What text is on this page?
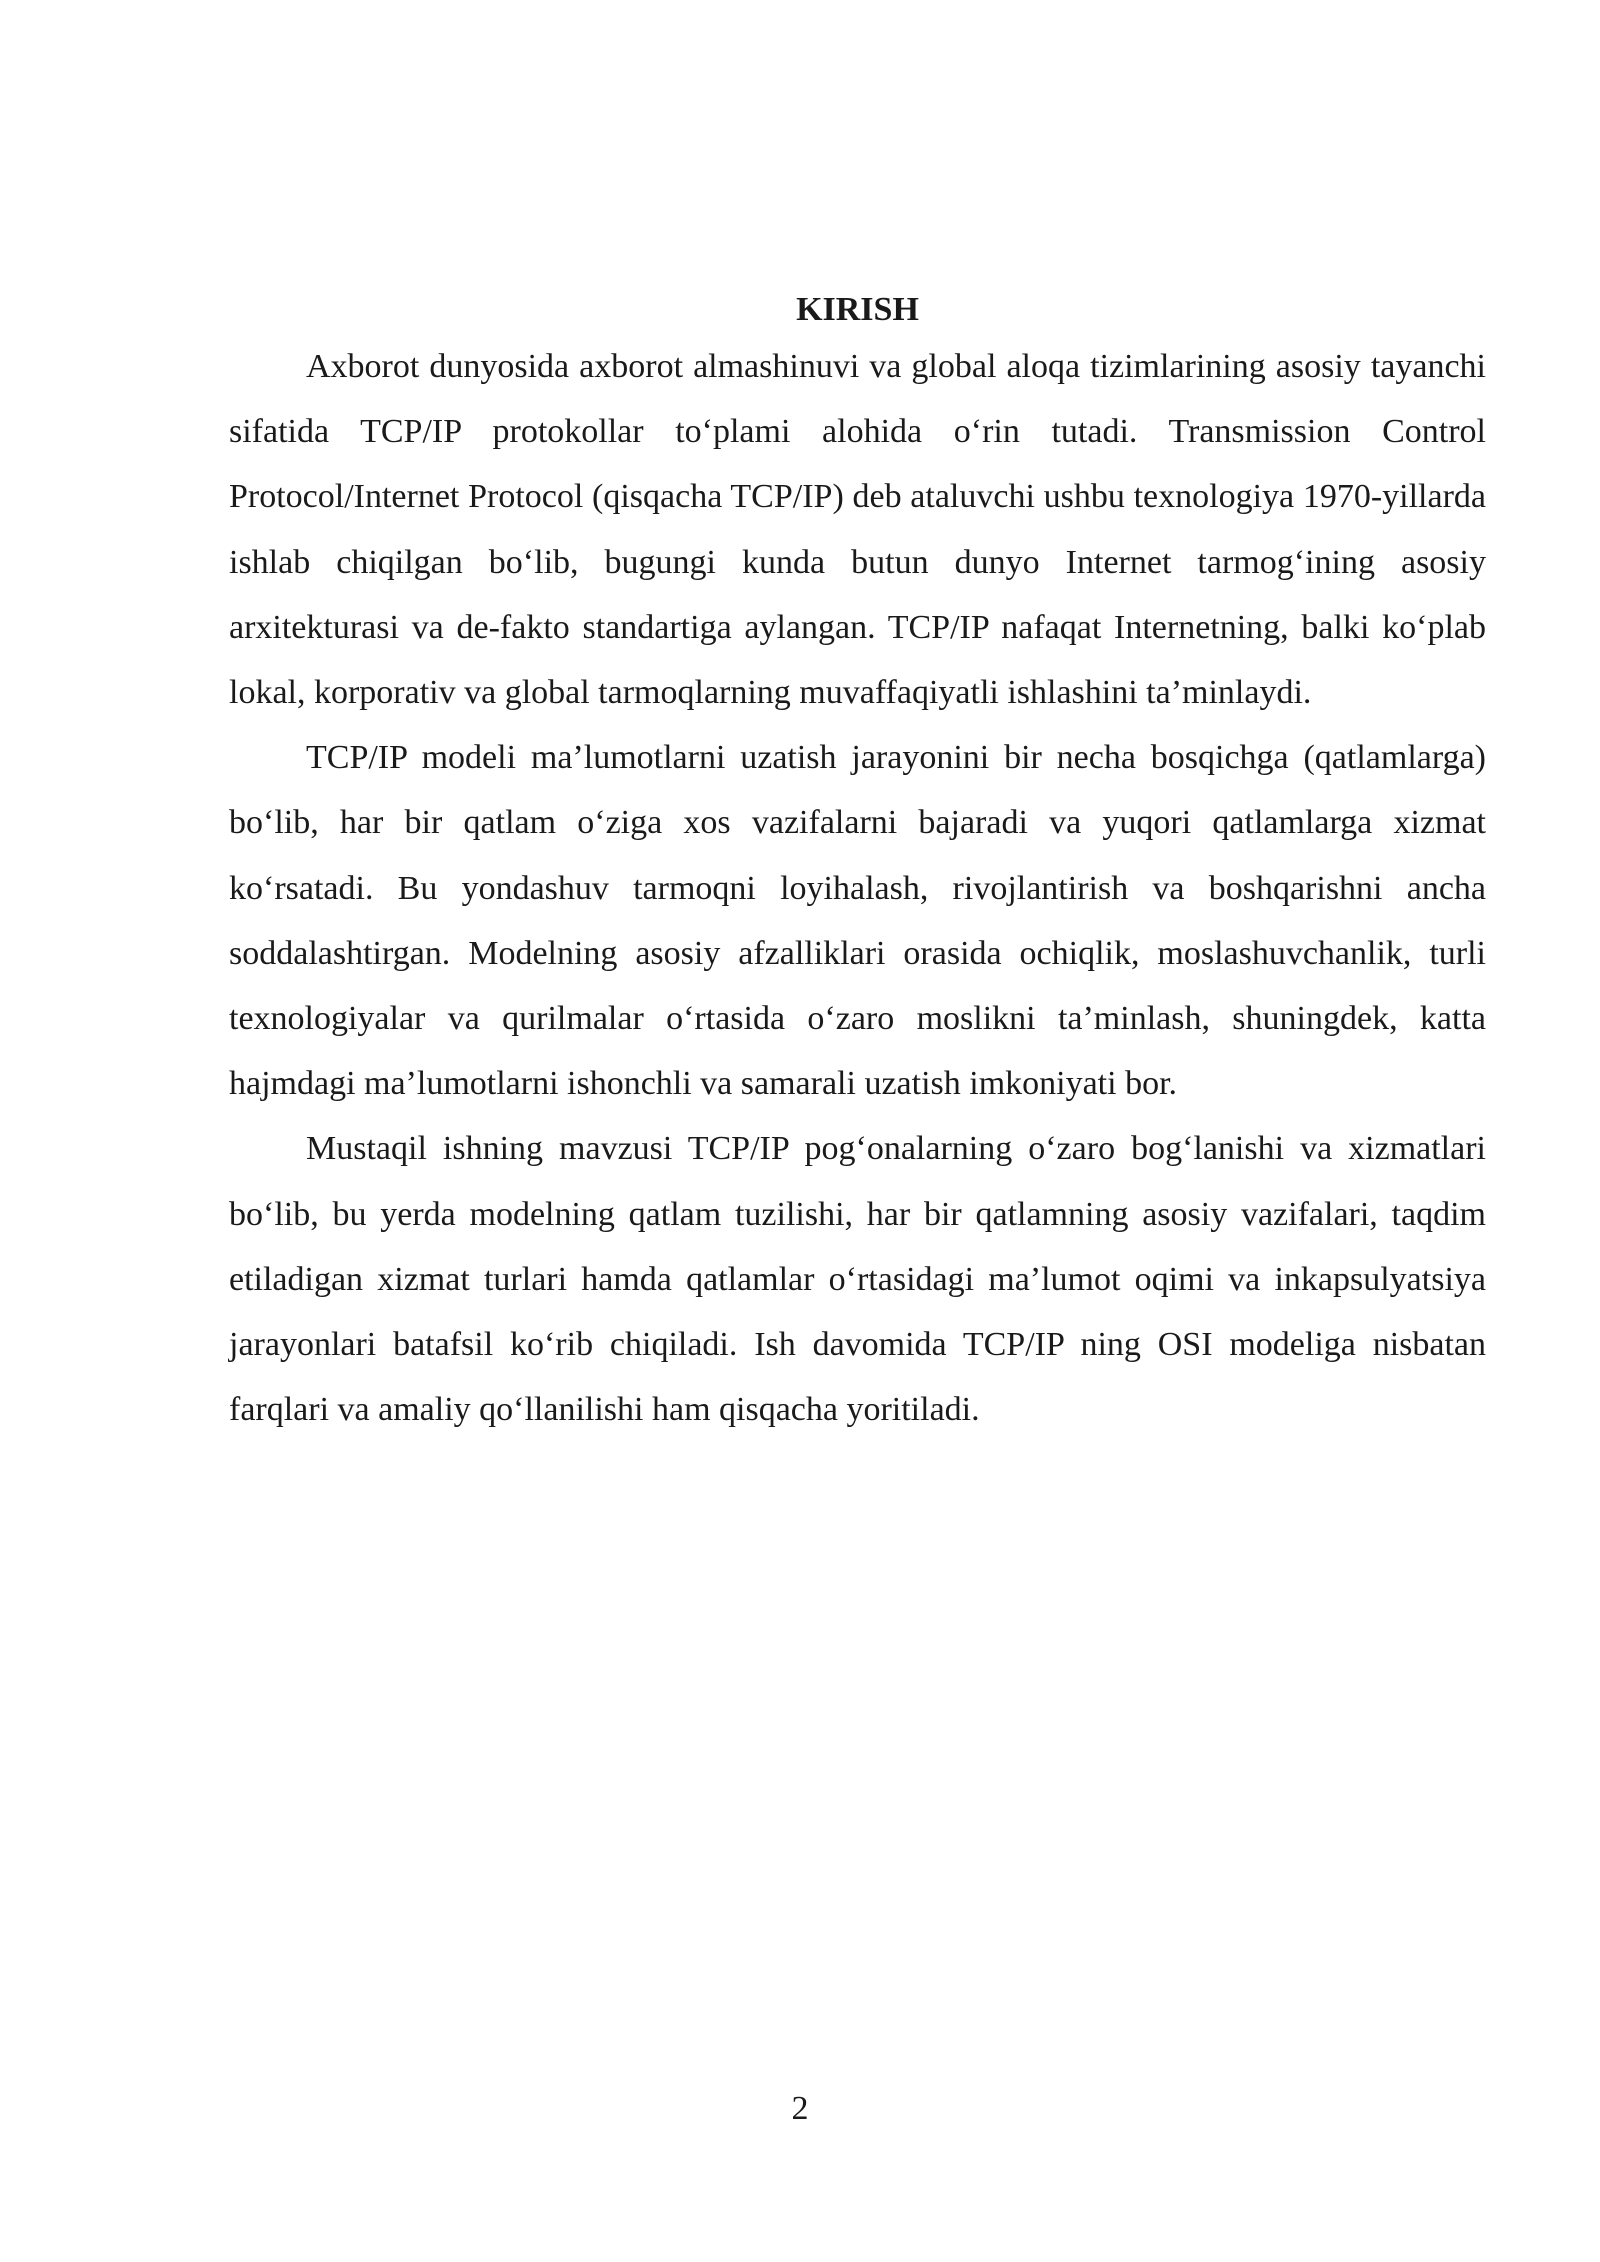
KIRISH

Axborot dunyosida axborot almashinuvi va global aloqa tizimlarining asosiy tayanchi sifatida TCP/IP protokollar to‘plami alohida o‘rin tutadi. Transmission Control Protocol/Internet Protocol (qisqacha TCP/IP) deb ataluvchi ushbu texnologiya 1970-yillarda ishlab chiqilgan bo‘lib, bugungi kunda butun dunyo Internet tarmog‘ining asosiy arxitekturasi va de-fakto standartiga aylangan. TCP/IP nafaqat Internetning, balki ko‘plab lokal, korporativ va global tarmoqlarning muvaffaqiyatli ishlashini ta’minlaydi.

TCP/IP modeli ma’lumotlarni uzatish jarayonini bir necha bosqichga (qatlamlarga) bo‘lib, har bir qatlam o‘ziga xos vazifalarni bajaradi va yuqori qatlamlarga xizmat ko‘rsatadi. Bu yondashuv tarmoqni loyihalash, rivojlantirish va boshqarishni ancha soddalashtirgan. Modelning asosiy afzalliklari orasida ochiqlik, moslashuvchanlik, turli texnologiyalar va qurilmalar o‘rtasida o‘zaro moslikni ta’minlash, shuningdek, katta hajmdagi ma’lumotlarni ishonchli va samarali uzatish imkoniyati bor.

Mustaqil ishning mavzusi TCP/IP pog‘onalarning o‘zaro bog‘lanishi va xizmatlari bo‘lib, bu yerda modelning qatlam tuzilishi, har bir qatlamning asosiy vazifalari, taqdim etiladigan xizmat turlari hamda qatlamlar o‘rtasidagi ma’lumot oqimi va inkapsulyatsiya jarayonlari batafsil ko‘rib chiqiladi. Ish davomida TCP/IP ning OSI modeliga nisbatan farqlari va amaliy qo‘llanilishi ham qisqacha yoritiladi.

2
